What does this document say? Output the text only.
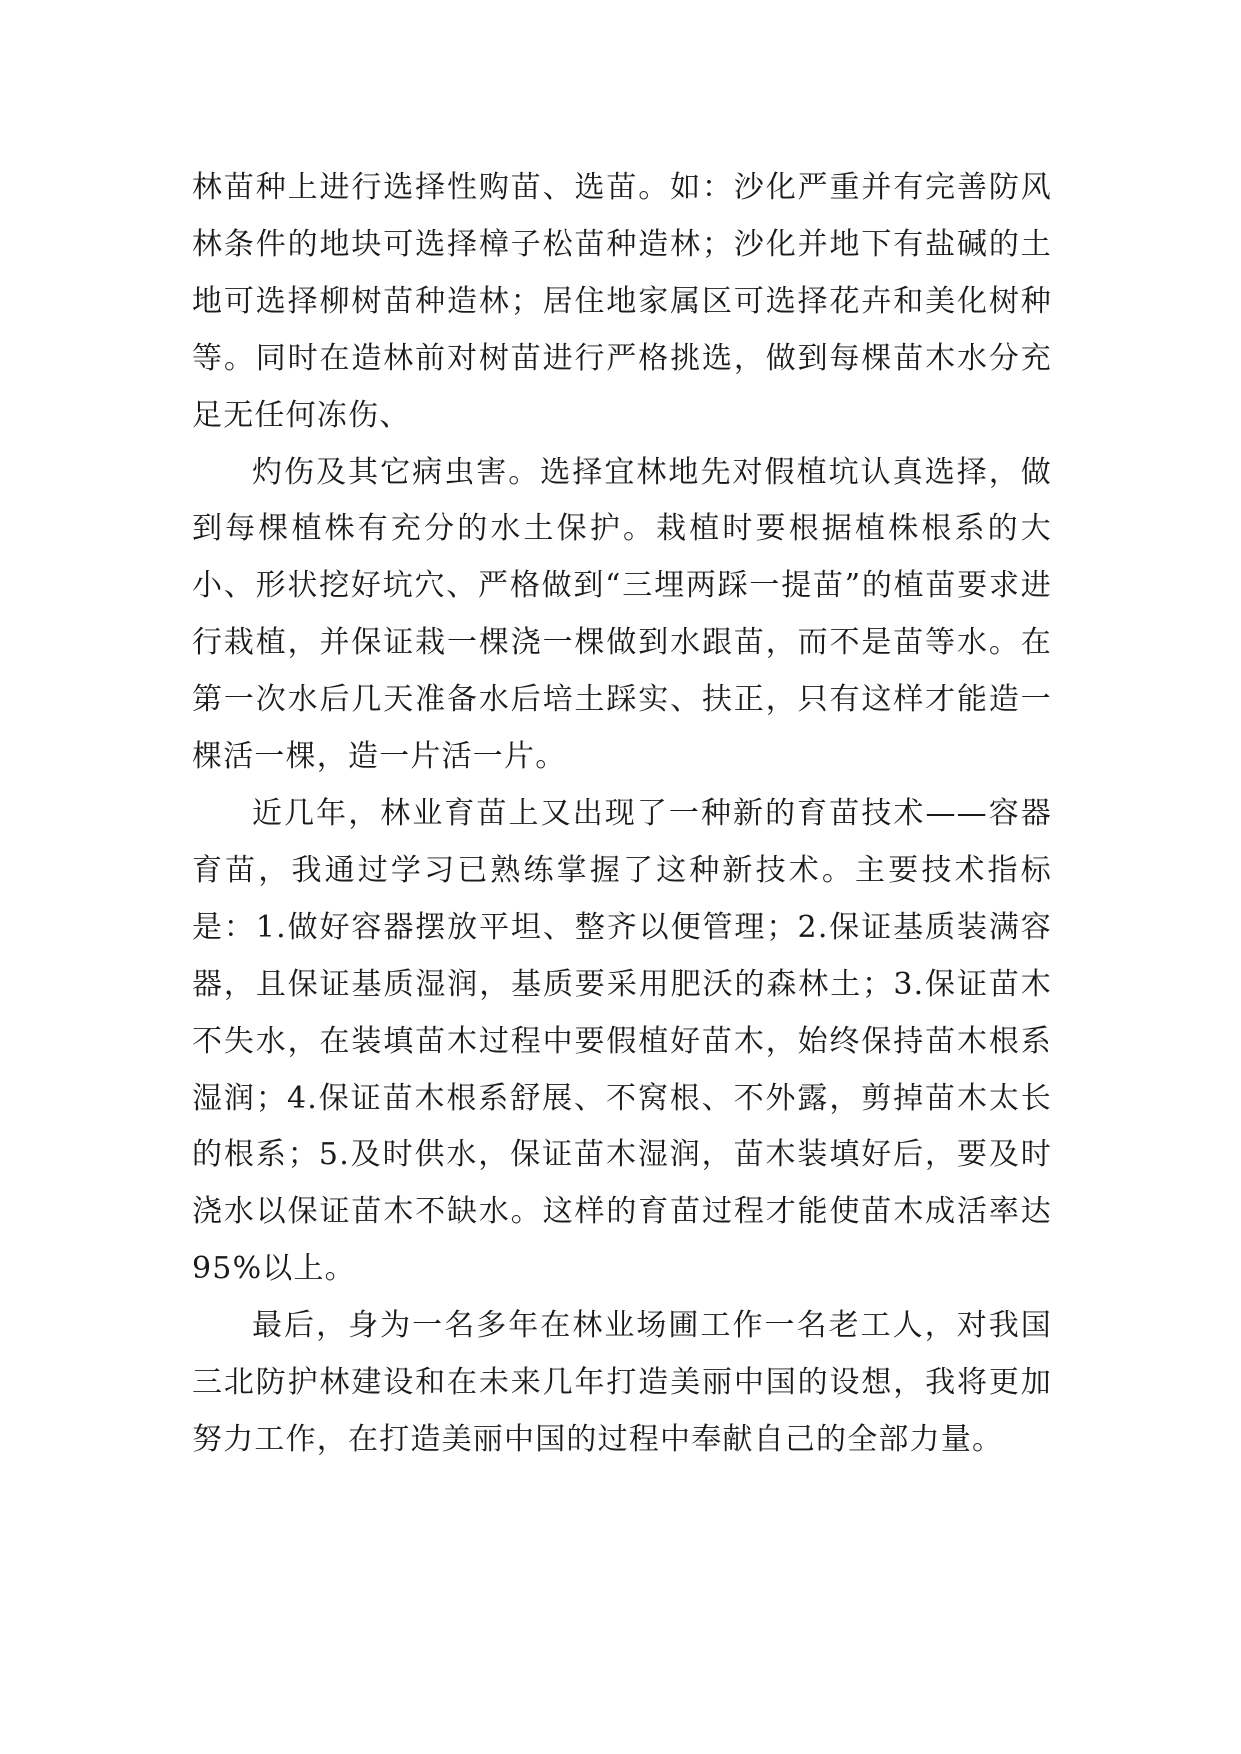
林苗种上进行选择性购苗、选苗。如：沙化严重并有完善防风林条件的地块可选择樟子松苗种造林；沙化并地下有盐碱的土地可选择柳树苗种造林；居住地家属区可选择花卉和美化树种等。同时在造林前对树苗进行严格挑选，做到每棵苗木水分充足无任何冻伤、

灼伤及其它病虫害。选择宜林地先对假植坑认真选择，做到每棵植株有充分的水土保护。栽植时要根据植株根系的大小、形状挖好坑穴、严格做到“三埋两踩一提苗”的植苗要求进行栽植，并保证栽一棵浇一棵做到水跟苗，而不是苗等水。在第一次水后几天准备水后培土踩实、扶正，只有这样才能造一棵活一棵，造一片活一片。

近几年，林业育苗上又出现了一种新的育苗技术——容器育苗，我通过学习已熟练掌握了这种新技术。主要技术指标是：1.做好容器摆放平坦、整齐以便管理；2.保证基质装满容器，且保证基质湿润，基质要采用肥沃的森林土；3.保证苗木不失水，在装填苗木过程中要假植好苗木，始终保持苗木根系湿润；4.保证苗木根系舒展、不窝根、不外露，剪掉苗木太长的根系；5.及时供水，保证苗木湿润，苗木装填好后，要及时浇水以保证苗木不缺水。这样的育苗过程才能使苗木成活率达95%以上。

最后，身为一名多年在林业场圃工作一名老工人，对我国三北防护林建设和在未来几年打造美丽中国的设想，我将更加努力工作，在打造美丽中国的过程中奉献自己的全部力量。
